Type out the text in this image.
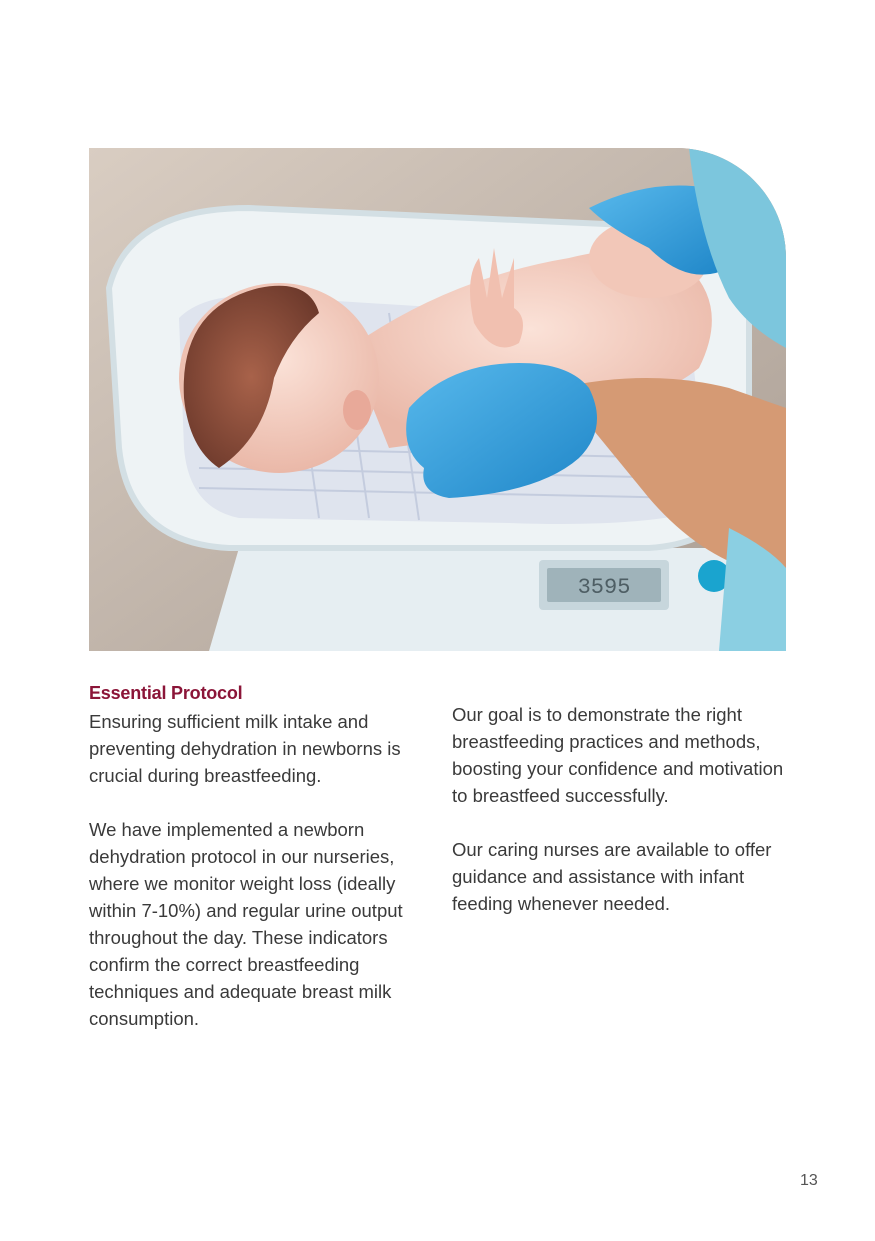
3595
Essential Protocol

Ensuring sufficient milk intake and preventing dehydration in newborns is crucial during breastfeeding.

We have implemented a newborn dehydration protocol in our nurseries, where we monitor weight loss (ideally within 7-10%) and regular urine output throughout the day. These indicators confirm the correct breastfeeding techniques and adequate breast milk consumption.

Our goal is to demonstrate the right breastfeeding practices and methods, boosting your confidence and motivation to breastfeed successfully.

Our caring nurses are available to offer guidance and assistance with infant feeding whenever needed.

13
